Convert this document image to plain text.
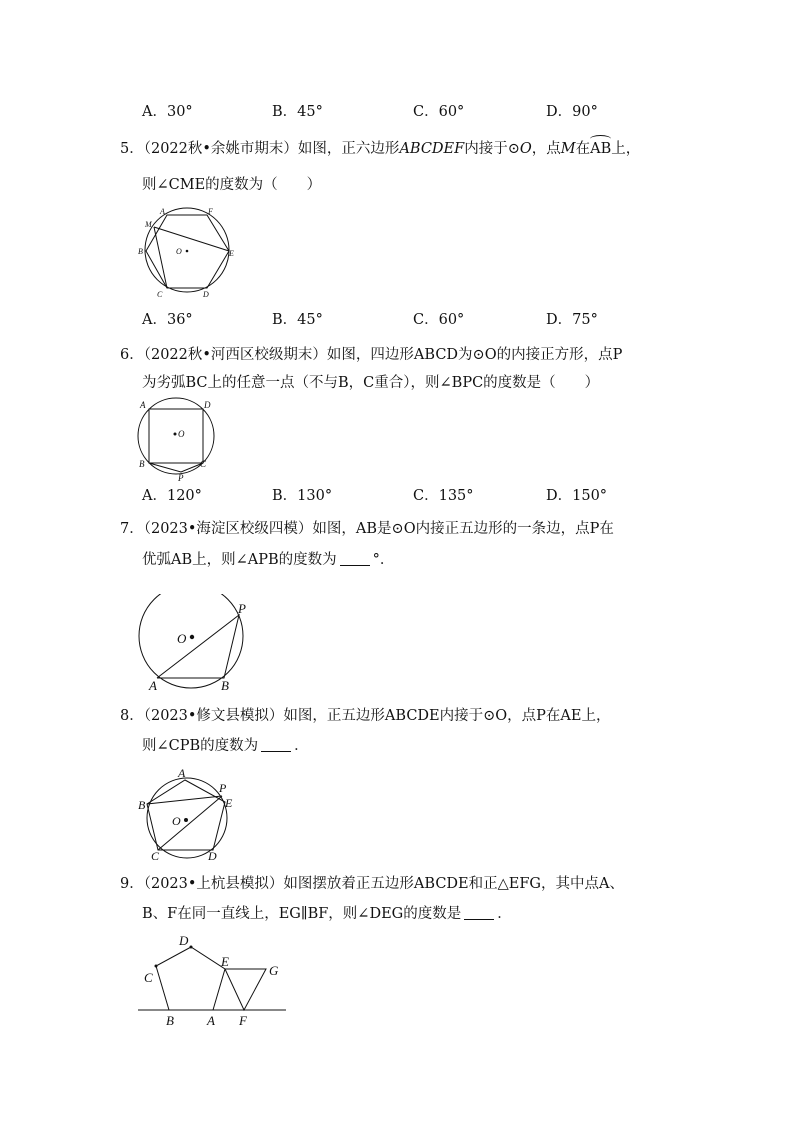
A．30°	B．45°	C．60°	D．90°
5．（2022秋•余姚市期末）如图，正六边形ABCDEF内接于⊙O，点M在AB上，
则∠CME的度数为（　　）
A	F
M
B	O	E
C	D
A．36°	B．45°	C．60°	D．75°
6．（2022秋•河西区校级期末）如图，四边形ABCD为⊙O的内接正方形，点P
为劣弧BC上的任意一点（不与B，C重合），则∠BPC的度数是（　　）
A	D
O
B	C
P
A．120°	B．130°	C．135°	D．150°
7．（2023•海淀区校级四模）如图，AB是⊙O内接正五边形的一条边，点P在
优弧AB上，则∠APB的度数为 °．
P
O
A	B
8．（2023•修文县模拟）如图，正五边形ABCDE内接于⊙O，点P在AE上，
则∠CPB的度数为 ．
A
P
B	E
O
C	D
9．（2023•上杭县模拟）如图摆放着正五边形ABCDE和正△EFG，其中点A、
B、F在同一直线上，EG∥BF，则∠DEG的度数是 ．
D
E
G
C
B	A F
